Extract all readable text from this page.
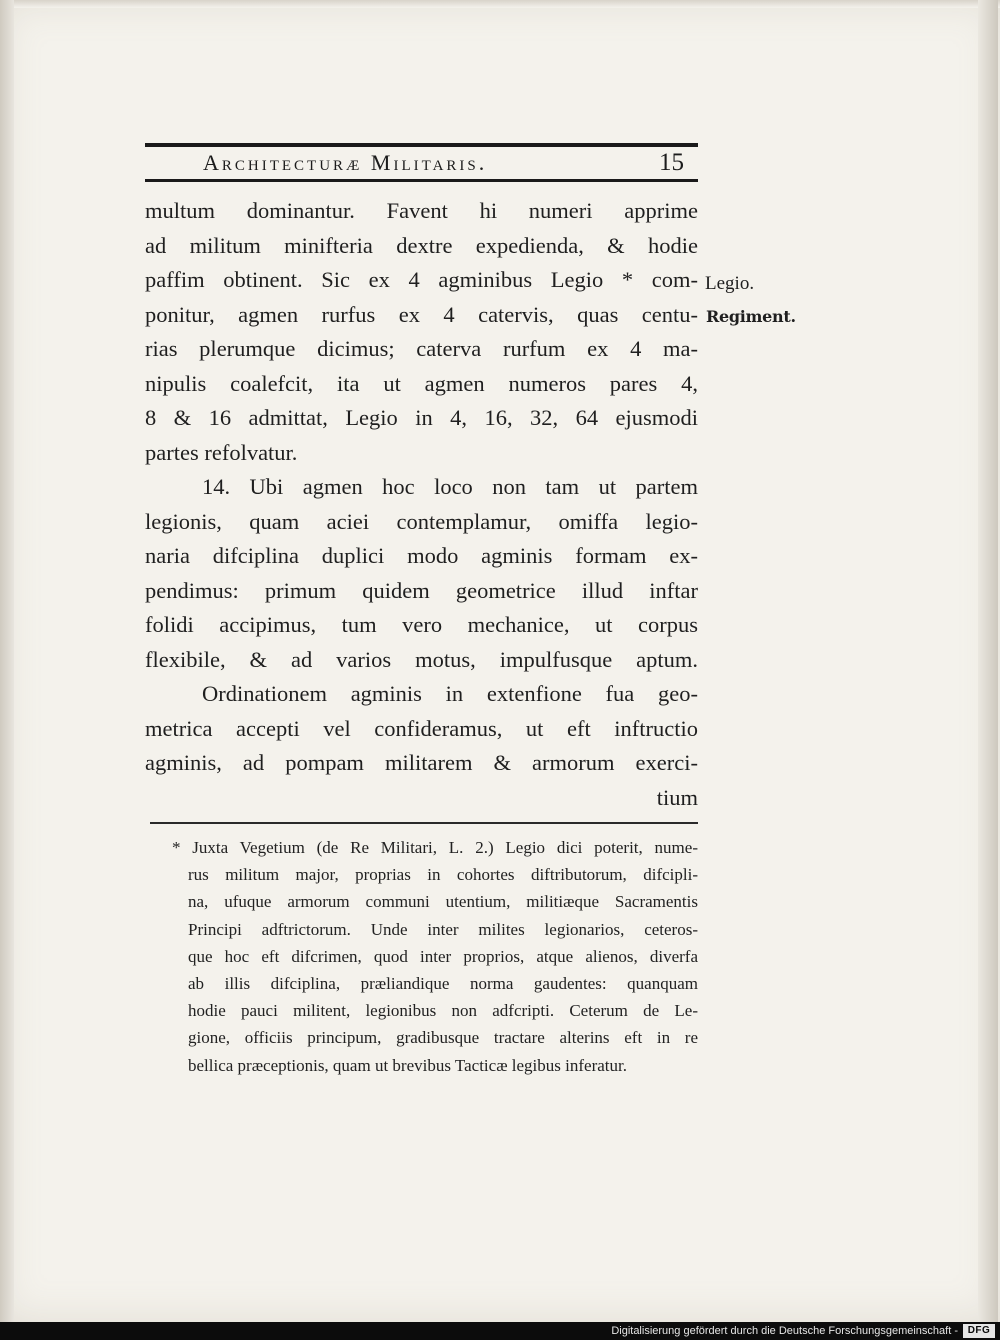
Architecturæ Militaris.	15
multum dominantur. Favent hi numeri apprime
ad militum minifteria dextre expedienda, & hodie
paffim obtinent. Sic ex 4 agminibus Legio * com-
ponitur, agmen rurfus ex 4 catervis, quas centu-
rias plerumque dicimus; caterva rurfum ex 4 ma-
nipulis coalefcit, ita ut agmen numeros pares 4,
8 & 16 admittat, Legio in 4, 16, 32, 64 ejusmodi
partes refolvatur.
14. Ubi agmen hoc loco non tam ut partem
legionis, quam aciei contemplamur, omiffa legio-
naria difciplina duplici modo agminis formam ex-
pendimus: primum quidem geometrice illud inftar
folidi accipimus, tum vero mechanice, ut corpus
flexibile, & ad varios motus, impulfusque aptum.
Ordinationem agminis in extenfione fua geo-
metrica accepti vel confideramus, ut eft inftructio
agminis, ad pompam militarem & armorum exerci-
tium
Legio.
Regiment.
* Juxta Vegetium (de Re Militari, L. 2.) Legio dici poterit, nume-
rus militum major, proprias in cohortes diftributorum, difcipli-
na, ufuque armorum communi utentium, militiæque Sacramentis
Principi adftrictorum. Unde inter milites legionarios, ceteros-
que hoc eft difcrimen, quod inter proprios, atque alienos, diverfa
ab illis difciplina, præliandique norma gaudentes: quanquam
hodie pauci militent, legionibus non adfcripti. Ceterum de Le-
gione, officiis principum, gradibusque tractare alterins eft in re
bellica præceptionis, quam ut brevibus Tacticæ legibus inferatur.
Digitalisierung gefördert durch die Deutsche Forschungsgemeinschaft - DFG
